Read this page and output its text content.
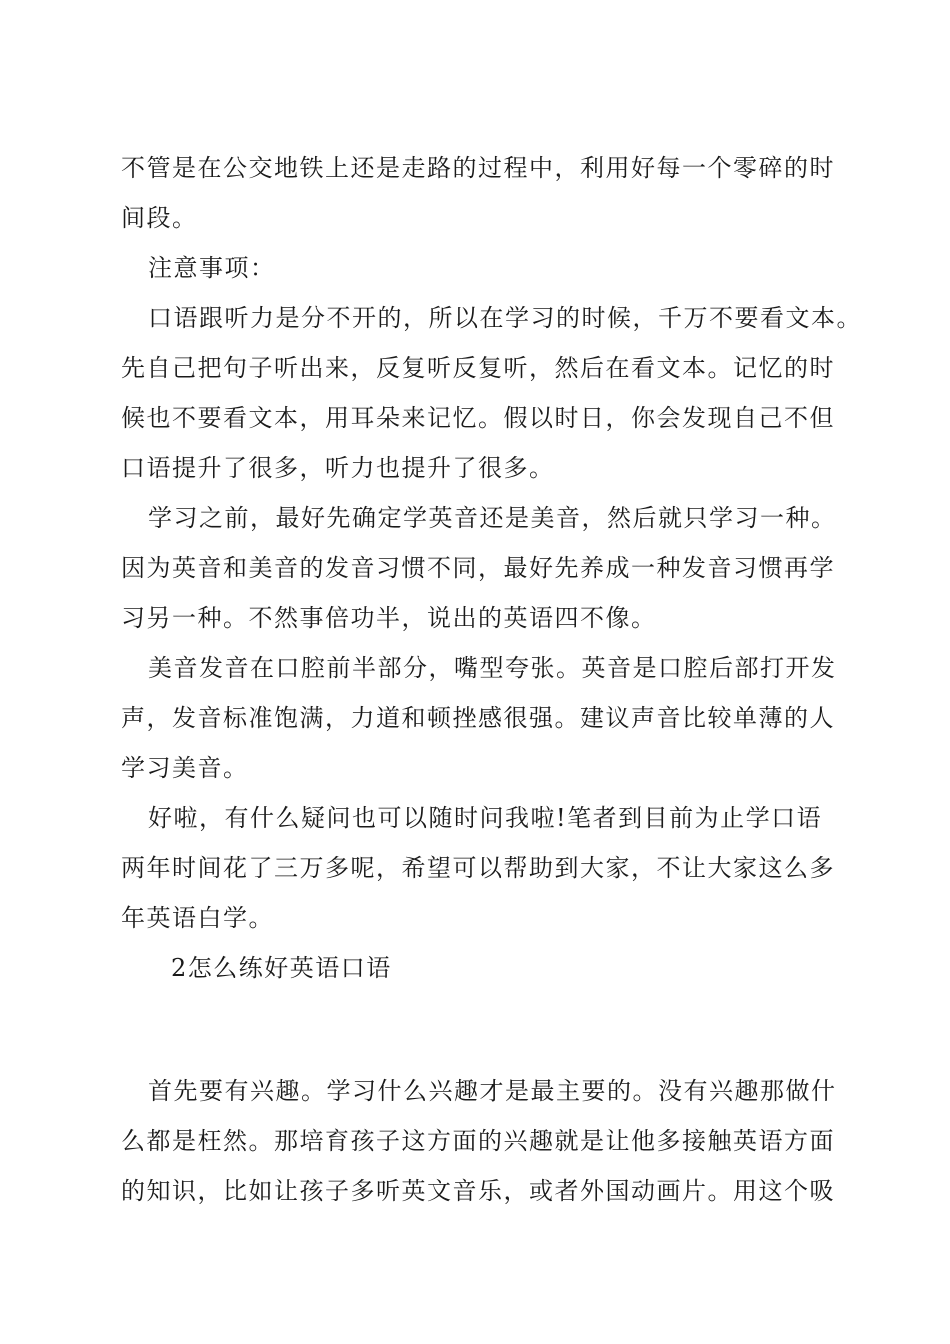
不管是在公交地铁上还是走路的过程中，利用好每一个零碎的时
间段。
注意事项：
口语跟听力是分不开的，所以在学习的时候，千万不要看文本。
先自己把句子听出来，反复听反复听，然后在看文本。记忆的时
候也不要看文本，用耳朵来记忆。假以时日，你会发现自己不但
口语提升了很多，听力也提升了很多。
学习之前，最好先确定学英音还是美音，然后就只学习一种。
因为英音和美音的发音习惯不同，最好先养成一种发音习惯再学
习另一种。不然事倍功半，说出的英语四不像。
美音发音在口腔前半部分，嘴型夸张。英音是口腔后部打开发
声，发音标准饱满，力道和顿挫感很强。建议声音比较单薄的人
学习美音。
好啦，有什么疑问也可以随时问我啦!笔者到目前为止学口语
两年时间花了三万多呢，希望可以帮助到大家，不让大家这么多
年英语白学。
2怎么练好英语口语
首先要有兴趣。学习什么兴趣才是最主要的。没有兴趣那做什
么都是枉然。那培育孩子这方面的兴趣就是让他多接触英语方面
的知识，比如让孩子多听英文音乐，或者外国动画片。用这个吸
